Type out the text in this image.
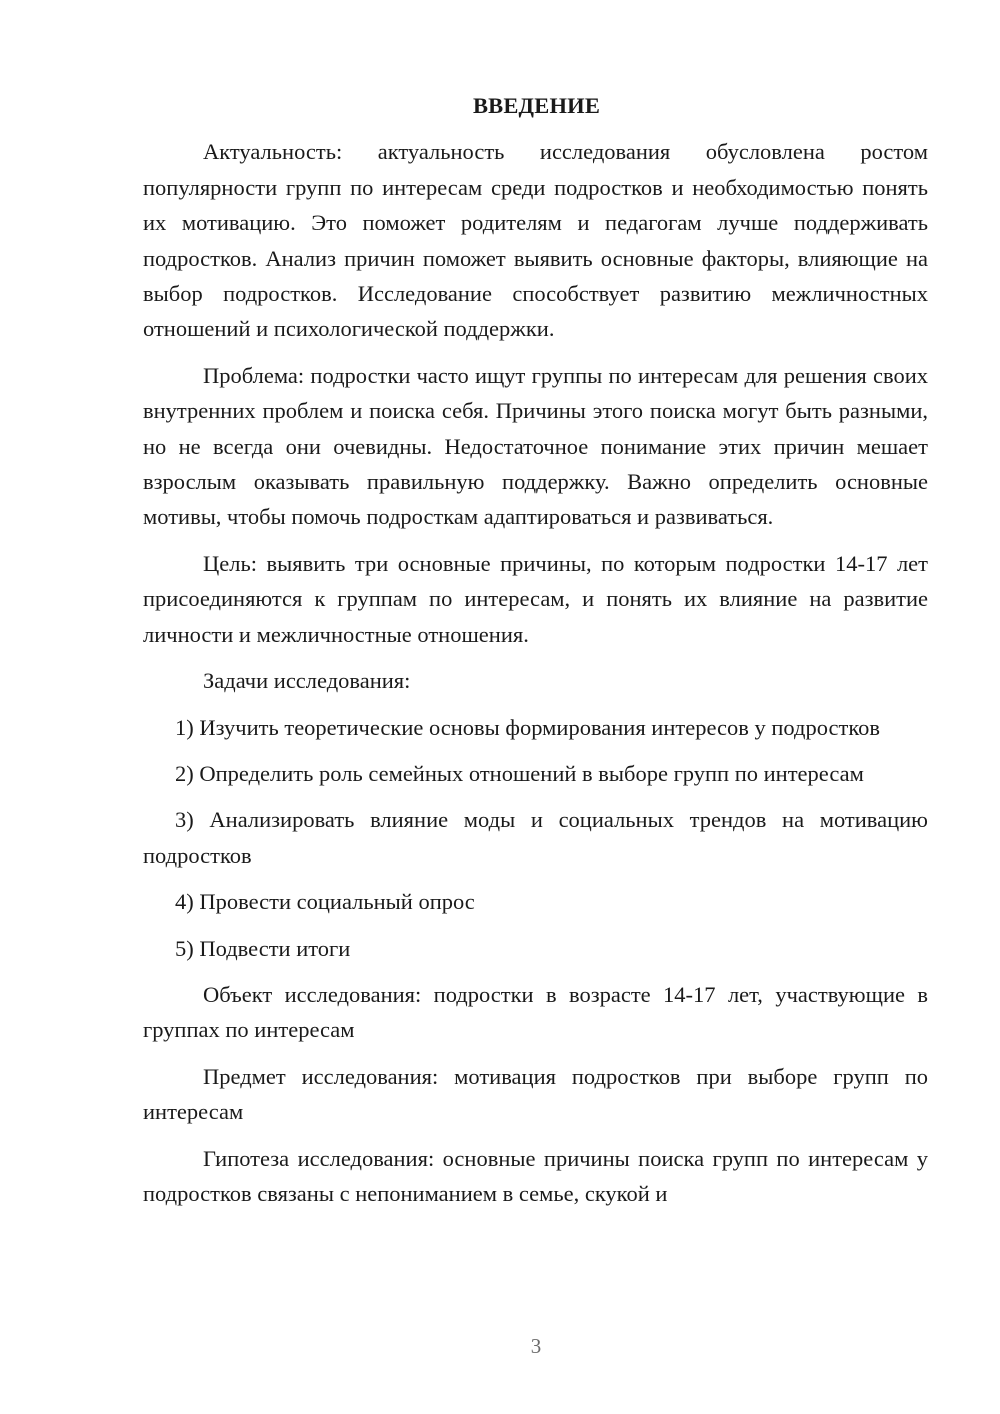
ВВЕДЕНИЕ

Актуальность: актуальность исследования обусловлена ростом популярности групп по интересам среди подростков и необходимостью понять их мотивацию. Это поможет родителям и педагогам лучше поддерживать подростков. Анализ причин поможет выявить основные факторы, влияющие на выбор подростков. Исследование способствует развитию межличностных отношений и психологической поддержки.

Проблема: подростки часто ищут группы по интересам для решения своих внутренних проблем и поиска себя. Причины этого поиска могут быть разными, но не всегда они очевидны. Недостаточное понимание этих причин мешает взрослым оказывать правильную поддержку. Важно определить основные мотивы, чтобы помочь подросткам адаптироваться и развиваться.

Цель: выявить три основные причины, по которым подростки 14-17 лет присоединяются к группам по интересам, и понять их влияние на развитие личности и межличностные отношения.

Задачи исследования:

1) Изучить теоретические основы формирования интересов у подростков

2) Определить роль семейных отношений в выборе групп по интересам

3) Анализировать влияние моды и социальных трендов на мотивацию подростков

4) Провести социальный опрос

5) Подвести итоги

Объект исследования: подростки в возрасте 14-17 лет, участвующие в группах по интересам

Предмет исследования: мотивация подростков при выборе групп по интересам

Гипотеза исследования: основные причины поиска групп по интересам у подростков связаны с непониманием в семье, скукой и

3
